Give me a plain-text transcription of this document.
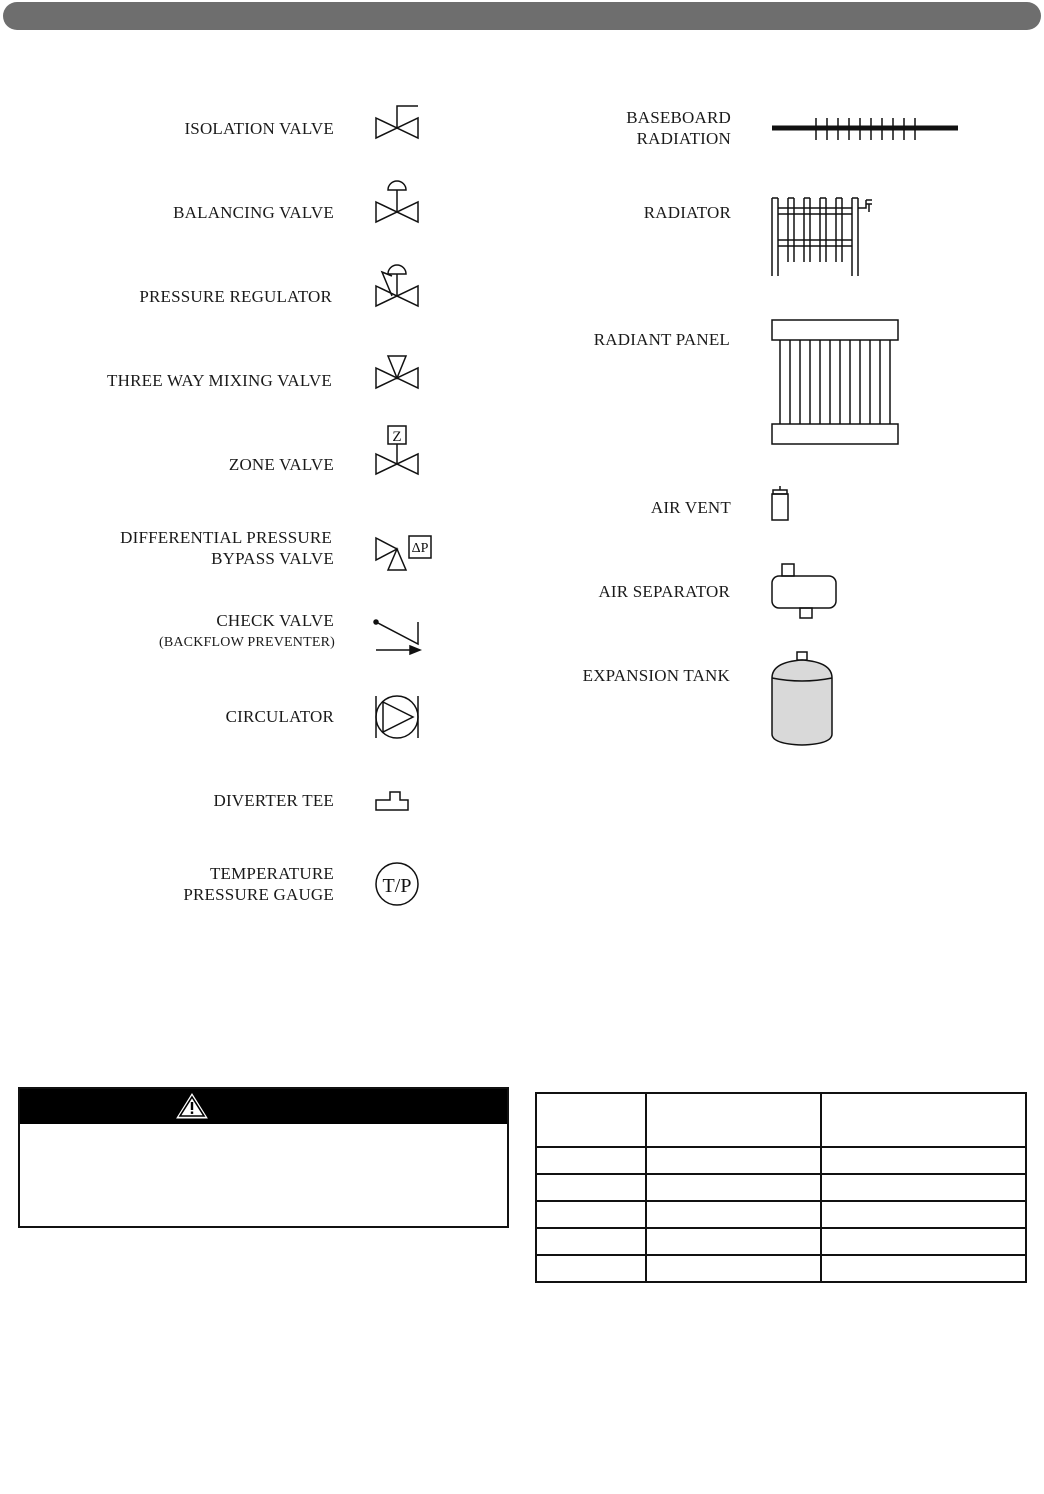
ISOLATION VALVE
BALANCING VALVE
PRESSURE REGULATOR
THREE WAY MIXING VALVE
ZONE VALVE
DIFFERENTIAL PRESSURE
BYPASS VALVE
CHECK VALVE
(BACKFLOW PREVENTER)
CIRCULATOR
DIVERTER TEE
TEMPERATURE
PRESSURE GAUGE
BASEBOARD
RADIATION
RADIATOR
RADIANT PANEL
AIR VENT
AIR SEPARATOR
EXPANSION TANK
Z
ΔP
T/P
